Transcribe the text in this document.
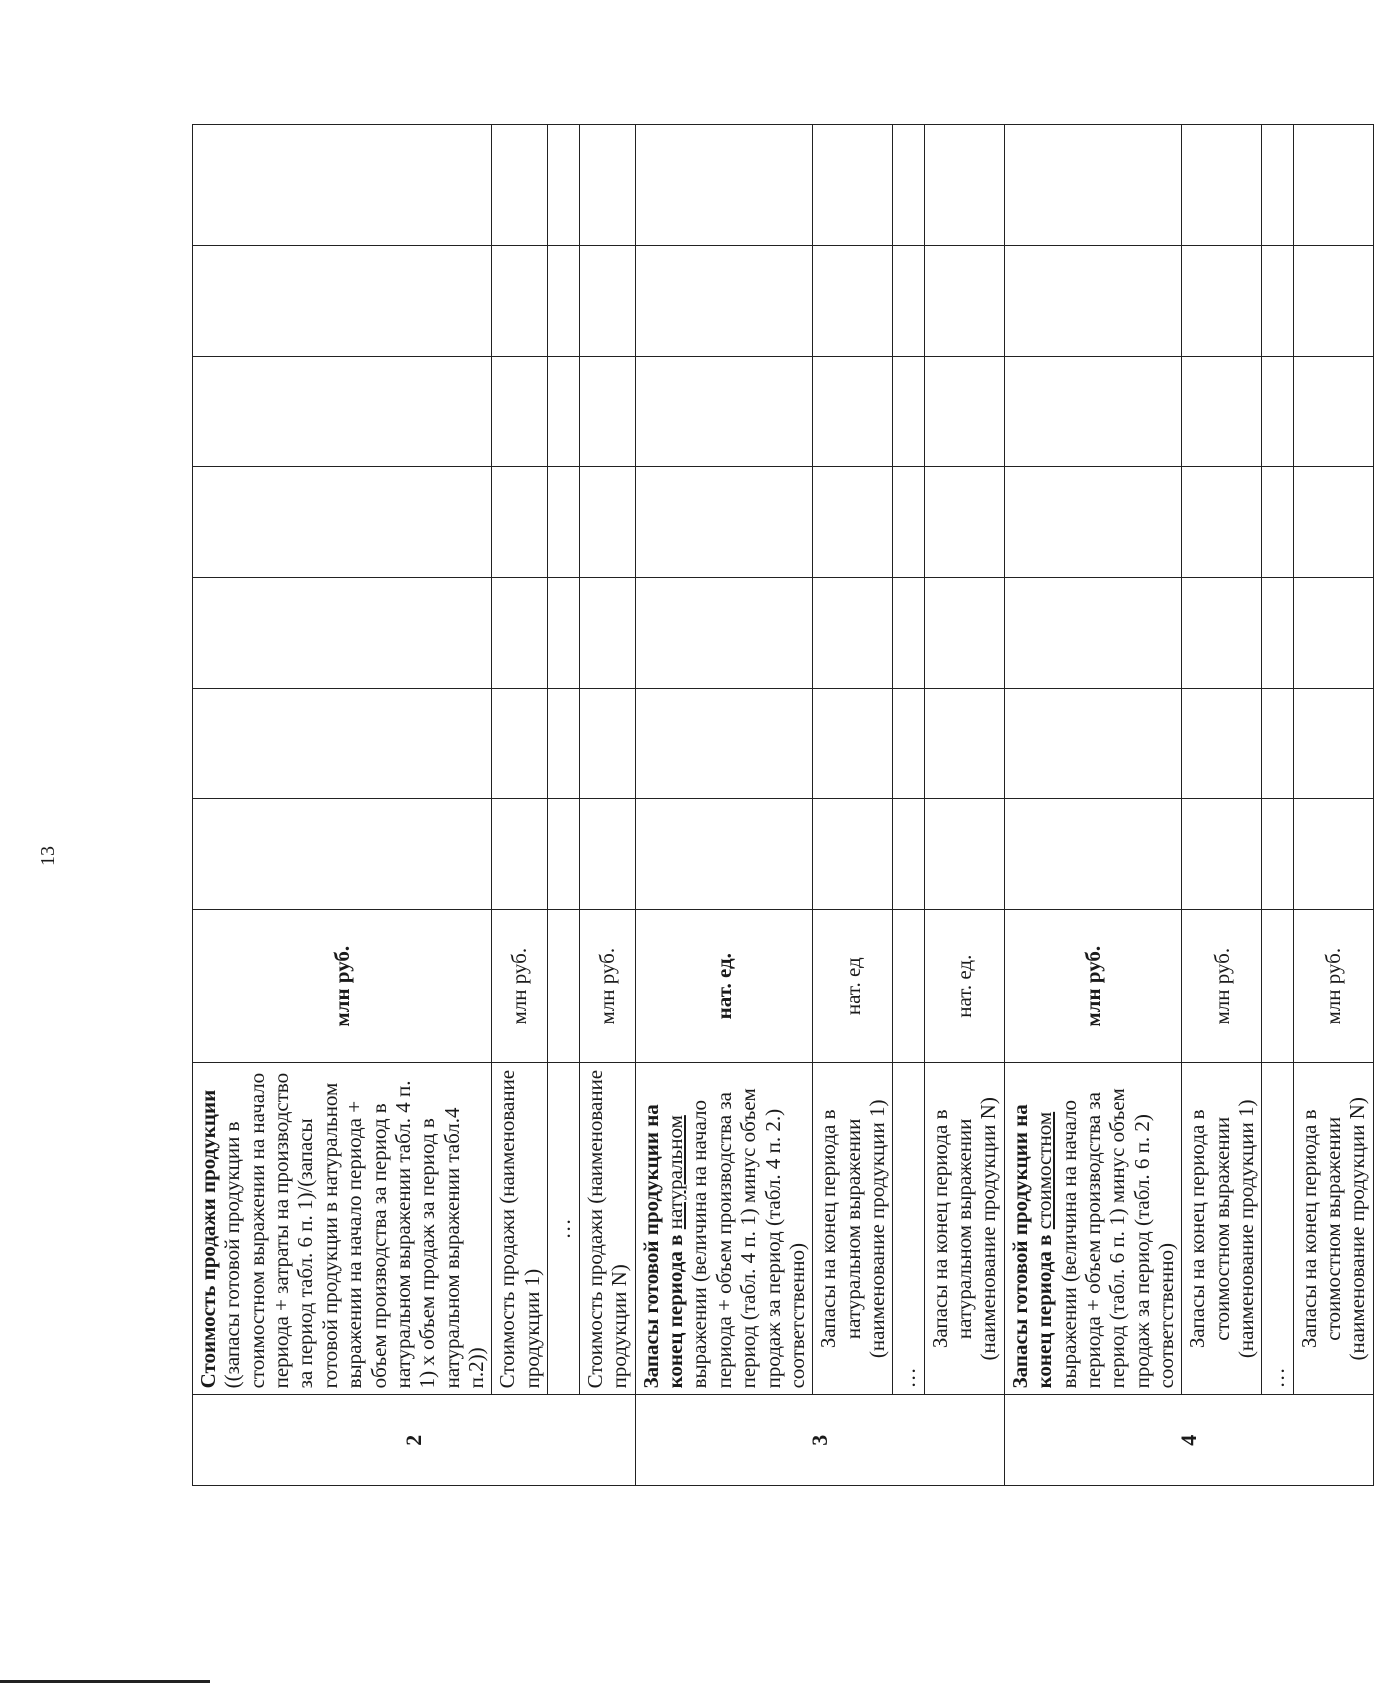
13
2	Стоимость продажи продукции ((запасы готовой продукции в стоимостном выражении на начало периода + затраты на производство за период табл. 6 п. 1)/(запасы готовой продукции в натуральном выражении на начало периода + объем производства за период в натуральном выражении табл. 4 п. 1) x объем продаж за период в натуральном выражении табл.4 п.2))	млн руб.							
	Стоимость продажи (наименование продукции 1)	млн руб.							
	…								
	Стоимость продажи (наименование продукции N)	млн руб.							
3	Запасы готовой продукции на конец периода в натуральном выражении (величина на начало периода + объем производства за период (табл. 4 п. 1) минус объем продаж за период (табл. 4 п. 2.) соответственно)	нат. ед.							
	Запасы на конец периода в натуральном выражении (наименование продукции 1)	нат. ед							
	…								
	Запасы на конец периода в натуральном выражении (наименование продукции N)	нат. ед.							
4	Запасы готовой продукции на конец периода в стоимостном выражении (величина на начало периода + объем производства за период (табл. 6 п. 1) минус объем продаж за период (табл. 6 п. 2) соответственно)	млн руб.							
	Запасы на конец периода в стоимостном выражении (наименование продукции 1)	млн руб.							
	…								
	Запасы на конец периода в стоимостном выражении (наименование продукции N)	млн руб.							
